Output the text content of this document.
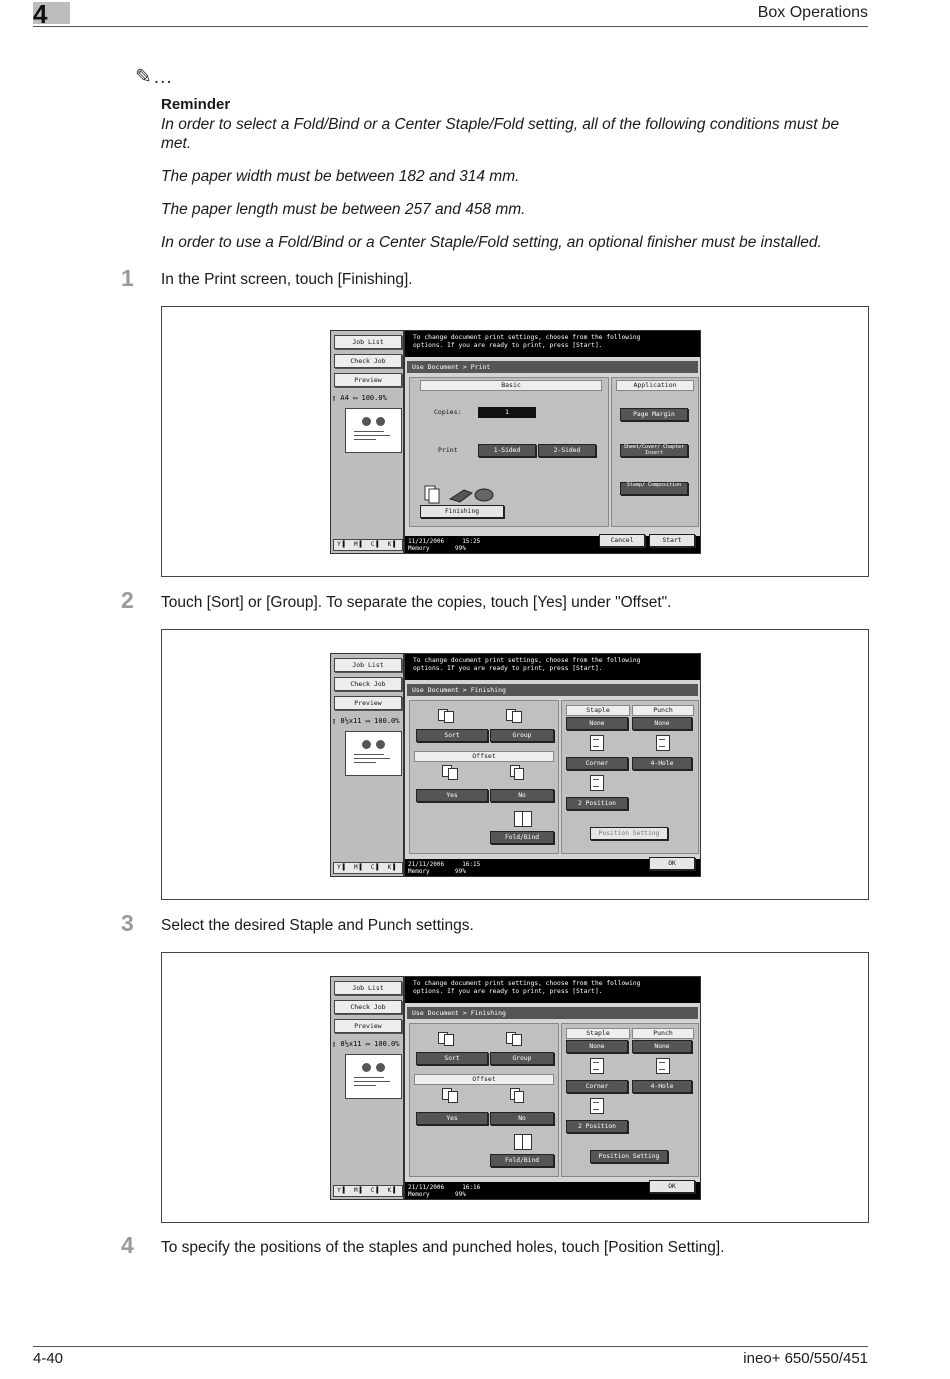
4	Box Operations
✎…
Reminder
In order to select a Fold/Bind or a Center Staple/Fold setting, all of the following conditions must be met.
The paper width must be between 182 and 314 mm.
The paper length must be between 257 and 458 mm.
In order to use a Fold/Bind or a Center Staple/Fold setting, an optional finisher must be installed.
1 In the Print screen, touch [Finishing].
Job List
Check Job
Preview
▯ A4 ▭ 100.0%
Y▌ M▌ C▌ K▌
To change document print settings, choose from the following
options. If you are ready to print, press [Start].
Use Document > Print
Basic
Copies:	1
Print	1-Sided	2-Sided
Finishing
Application
Page Margin
Sheet/Cover/ Chapter Insert
Stamp/ Composition
11/21/2006	15:25
Memory	99%
Cancel	Start
2 Touch [Sort] or [Group]. To separate the copies, touch [Yes] under "Offset".
Job List
Check Job
Preview
▯ 8½x11 ▭ 100.0%
Y▌ M▌ C▌ K▌
To change document print settings, choose from the following
options. If you are ready to print, press [Start].
Use Document > Finishing
Sort	Group
Offset
Yes	No
Fold/Bind
Staple	Punch
None	None
Corner	4-Hole
2 Position
Position Setting
21/11/2006	16:15
Memory	99%
OK
3 Select the desired Staple and Punch settings.
Job List
Check Job
Preview
▯ 8½x11 ▭ 100.0%
Y▌ M▌ C▌ K▌
To change document print settings, choose from the following
options. If you are ready to print, press [Start].
Use Document > Finishing
Sort	Group
Offset
Yes	No
Fold/Bind
Staple	Punch
None	None
Corner	4-Hole
2 Position
Position Setting
21/11/2006	16:16
Memory	99%
OK
4 To specify the positions of the staples and punched holes, touch [Position Setting].
4-40	ineo+ 650/550/451
